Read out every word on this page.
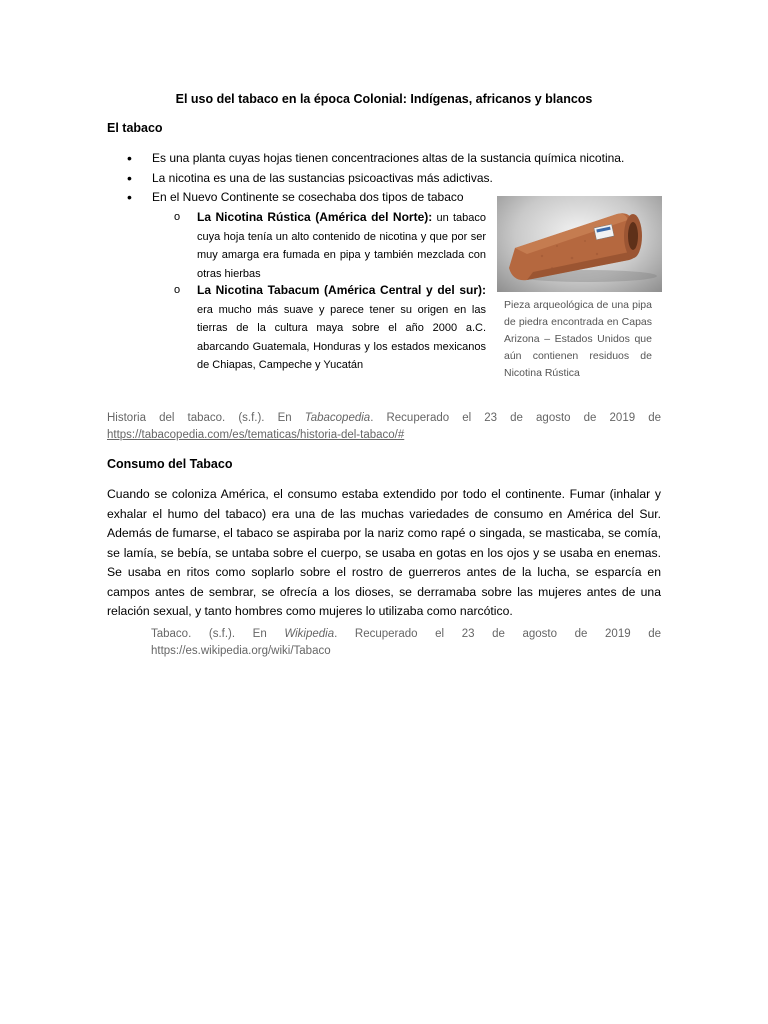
El uso del tabaco en la época Colonial: Indígenas, africanos y blancos
El tabaco
• Es una planta cuyas hojas tienen concentraciones altas de la sustancia química nicotina.
• La nicotina es una de las sustancias psicoactivas más adictivas.
• En el Nuevo Continente se cosechaba dos tipos de tabaco
o La Nicotina Rústica (América del Norte): un tabaco cuya hoja tenía un alto contenido de nicotina y que por ser muy amarga era fumada en pipa y también mezclada con otras hierbas
o La Nicotina Tabacum (América Central y del sur): era mucho más suave y parece tener su origen en las tierras de la cultura maya sobre el año 2000 a.C. abarcando Guatemala, Honduras y los estados mexicanos de Chiapas, Campeche y Yucatán
Pieza arqueológica de una pipa de piedra encontrada en Capas Arizona – Estados Unidos que aún contienen residuos de Nicotina Rústica
Historia del tabaco. (s.f.). En Tabacopedia. Recuperado el 23 de agosto de 2019 de https://tabacopedia.com/es/tematicas/historia-del-tabaco/#
Consumo del Tabaco
Cuando se coloniza América, el consumo estaba extendido por todo el continente. Fumar (inhalar y exhalar el humo del tabaco) era una de las muchas variedades de consumo en América del Sur. Además de fumarse, el tabaco se aspiraba por la nariz como rapé o singada, se masticaba, se comía, se lamía, se bebía, se untaba sobre el cuerpo, se usaba en gotas en los ojos y se usaba en enemas. Se usaba en ritos como soplarlo sobre el rostro de guerreros antes de la lucha, se esparcía en campos antes de sembrar, se ofrecía a los dioses, se derramaba sobre las mujeres antes de una relación sexual, y tanto hombres como mujeres lo utilizaba como narcótico.
Tabaco. (s.f.). En Wikipedia. Recuperado el 23 de agosto de 2019 de https://es.wikipedia.org/wiki/Tabaco
